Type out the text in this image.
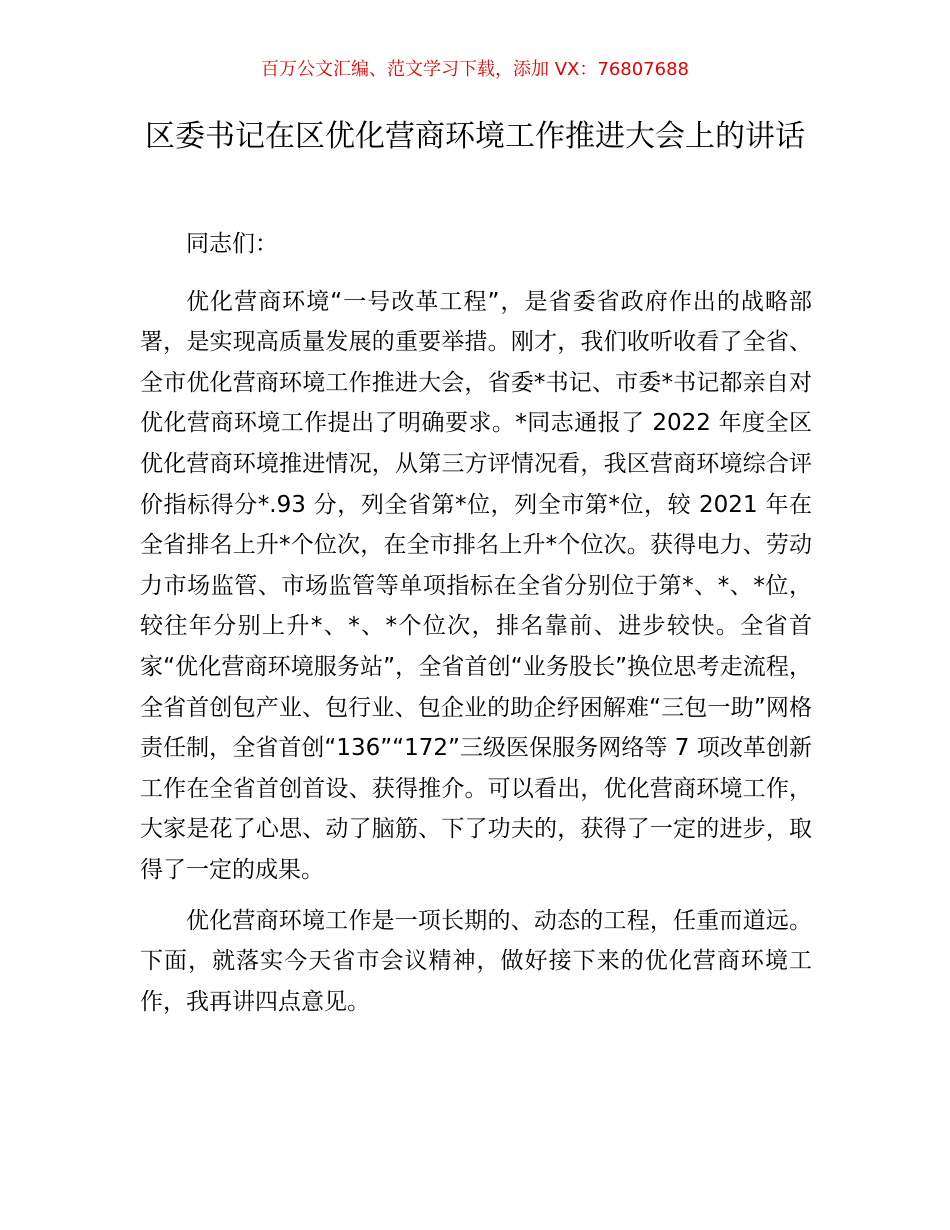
百万公文汇编、范文学习下载，添加 VX：76807688
区委书记在区优化营商环境工作推进大会上的讲话

同志们：

优化营商环境“一号改革工程”，是省委省政府作出的战略部署，是实现高质量发展的重要举措。刚才，我们收听收看了全省、全市优化营商环境工作推进大会，省委*书记、市委*书记都亲自对优化营商环境工作提出了明确要求。*同志通报了 2022 年度全区优化营商环境推进情况，从第三方评情况看，我区营商环境综合评价指标得分*.93 分，列全省第*位，列全市第*位，较 2021 年在全省排名上升*个位次，在全市排名上升*个位次。获得电力、劳动力市场监管、市场监管等单项指标在全省分别位于第*、*、*位，较往年分别上升*、*、*个位次，排名靠前、进步较快。全省首家“优化营商环境服务站”，全省首创“业务股长”换位思考走流程，全省首创包产业、包行业、包企业的助企纾困解难“三包一助”网格责任制，全省首创“136”“172”三级医保服务网络等 7 项改革创新工作在全省首创首设、获得推介。可以看出，优化营商环境工作，大家是花了心思、动了脑筋、下了功夫的，获得了一定的进步，取得了一定的成果。

优化营商环境工作是一项长期的、动态的工程，任重而道远。下面，就落实今天省市会议精神，做好接下来的优化营商环境工作，我再讲四点意见。
